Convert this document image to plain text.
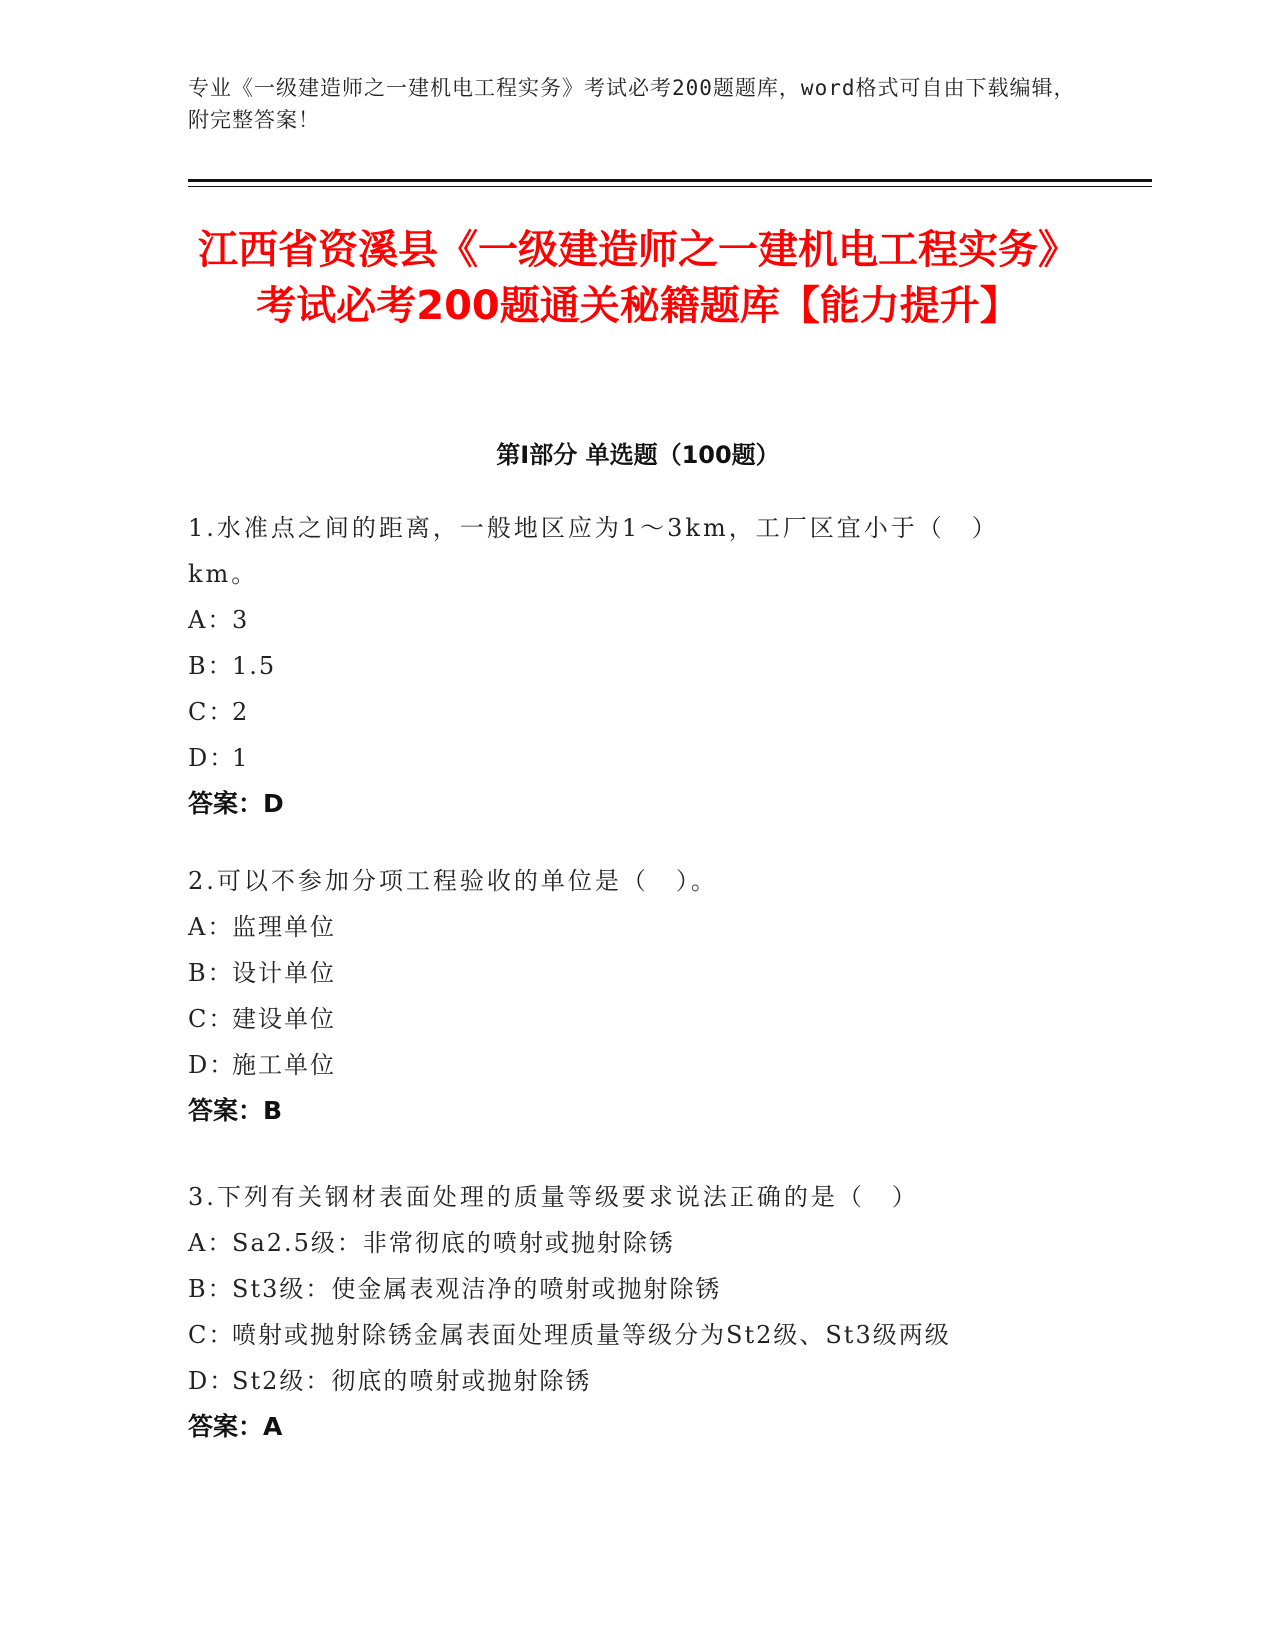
专业《一级建造师之一建机电工程实务》考试必考200题题库，word格式可自由下载编辑，附完整答案！
江西省资溪县《一级建造师之一建机电工程实务》考试必考200题通关秘籍题库【能力提升】
第I部分 单选题（100题）
1.水准点之间的距离，一般地区应为1～3km，工厂区宜小于（　）km。
A：3
B：1.5
C：2
D：1
答案：D
2.可以不参加分项工程验收的单位是（　）。
A：监理单位
B：设计单位
C：建设单位
D：施工单位
答案：B
3.下列有关钢材表面处理的质量等级要求说法正确的是（　）
A：Sa2.5级：非常彻底的喷射或抛射除锈
B：St3级：使金属表观洁净的喷射或抛射除锈
C：喷射或抛射除锈金属表面处理质量等级分为St2级、St3级两级
D：St2级：彻底的喷射或抛射除锈
答案：A
